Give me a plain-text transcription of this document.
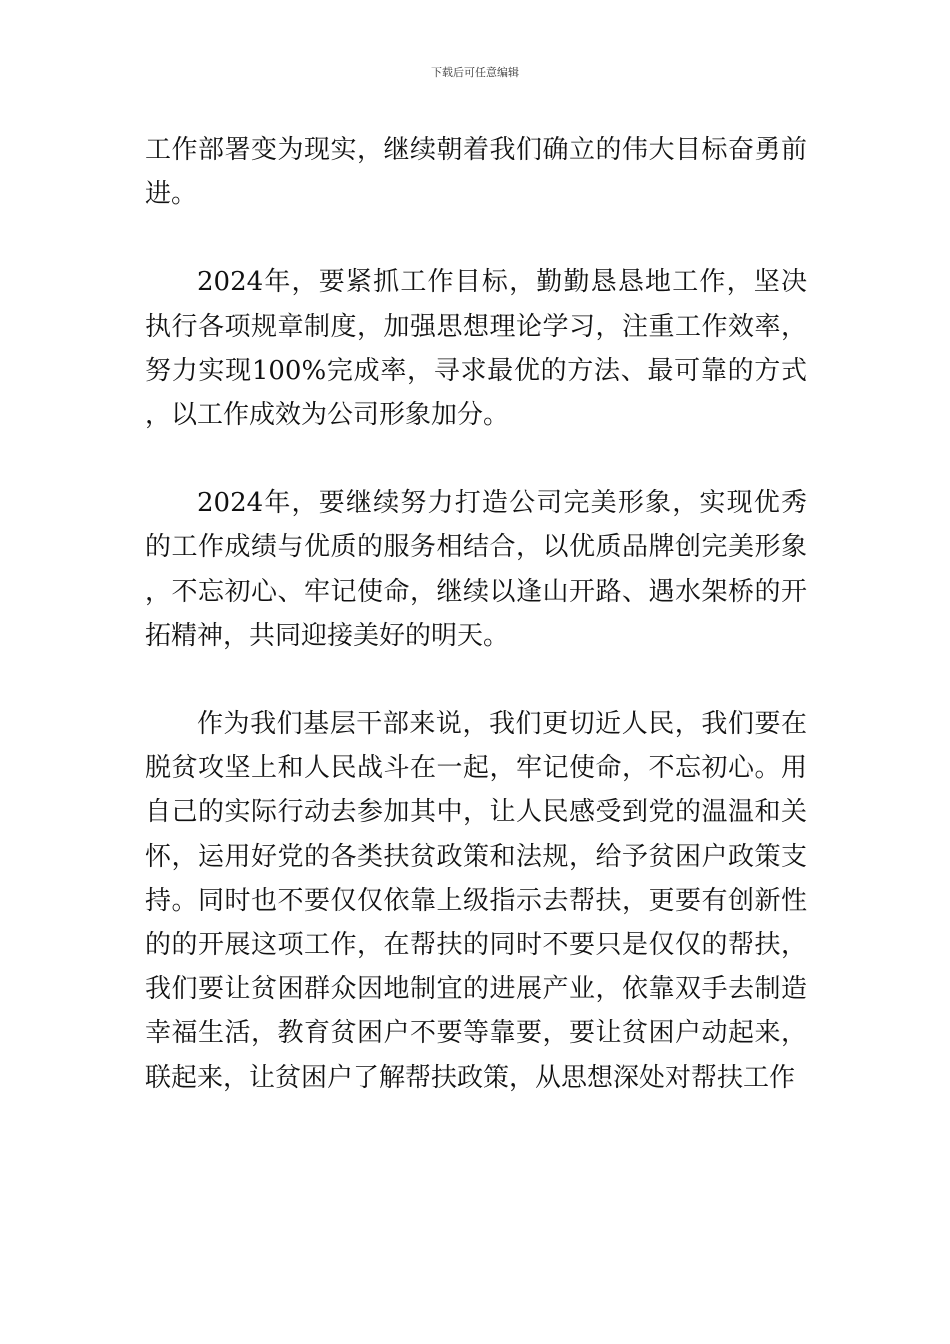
下载后可任意编辑

工作部署变为现实，继续朝着我们确立的伟大目标奋勇前进。

2024年，要紧抓工作目标，勤勤恳恳地工作，坚决执行各项规章制度，加强思想理论学习，注重工作效率，努力实现100%完成率，寻求最优的方法、最可靠的方式，以工作成效为公司形象加分。

2024年，要继续努力打造公司完美形象，实现优秀的工作成绩与优质的服务相结合，以优质品牌创完美形象，不忘初心、牢记使命，继续以逢山开路、遇水架桥的开拓精神，共同迎接美好的明天。

作为我们基层干部来说，我们更切近人民，我们要在脱贫攻坚上和人民战斗在一起，牢记使命，不忘初心。用自己的实际行动去参加其中，让人民感受到党的温温和关怀，运用好党的各类扶贫政策和法规，给予贫困户政策支持。同时也不要仅仅依靠上级指示去帮扶，更要有创新性的的开展这项工作，在帮扶的同时不要只是仅仅的帮扶，我们要让贫困群众因地制宜的进展产业，依靠双手去制造幸福生活，教育贫困户不要等靠要，要让贫困户动起来，联起来，让贫困户了解帮扶政策，从思想深处对帮扶工作
